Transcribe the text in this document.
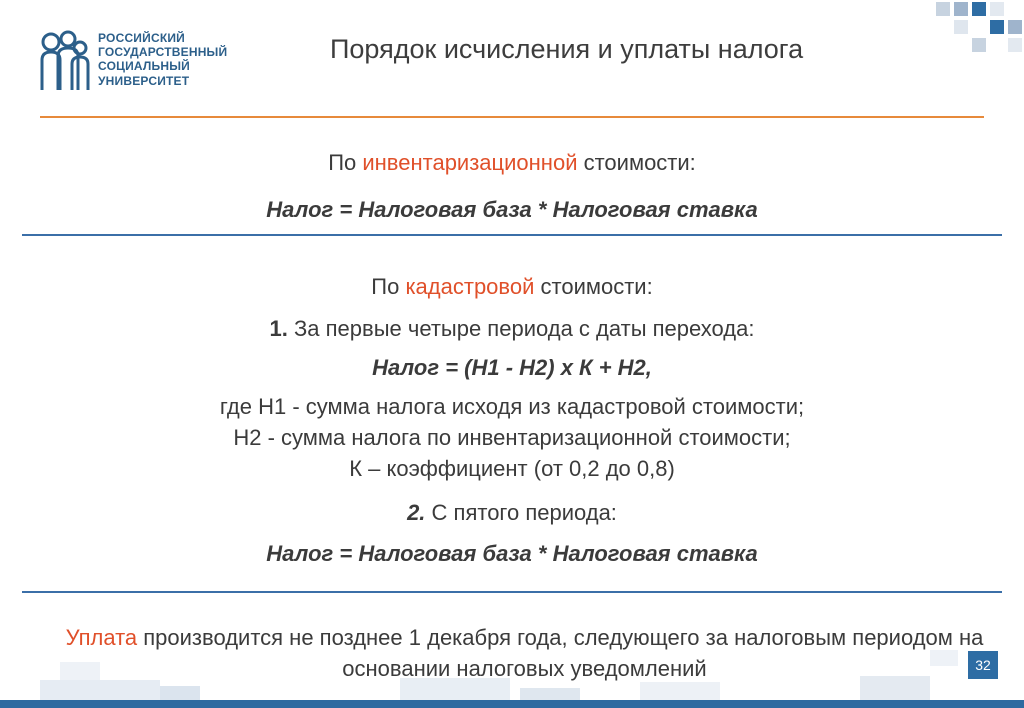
РОССИЙСКИЙ
ГОСУДАРСТВЕННЫЙ
СОЦИАЛЬНЫЙ
УНИВЕРСИТЕТ
Порядок исчисления и уплаты налога
По инвентаризационной стоимости:
Налог = Налоговая база * Налоговая ставка
По кадастровой стоимости:
1. За первые четыре периода с даты перехода:
Налог = (Н1 - Н2) х К + Н2,
где Н1 - сумма налога исходя из кадастровой стоимости;
Н2 - сумма налога по инвентаризационной стоимости;
К – коэффициент (от 0,2 до 0,8)
2. С пятого периода:
Налог = Налоговая база * Налоговая ставка
Уплата производится не позднее 1 декабря года, следующего за налоговым периодом на основании налоговых уведомлений	32
